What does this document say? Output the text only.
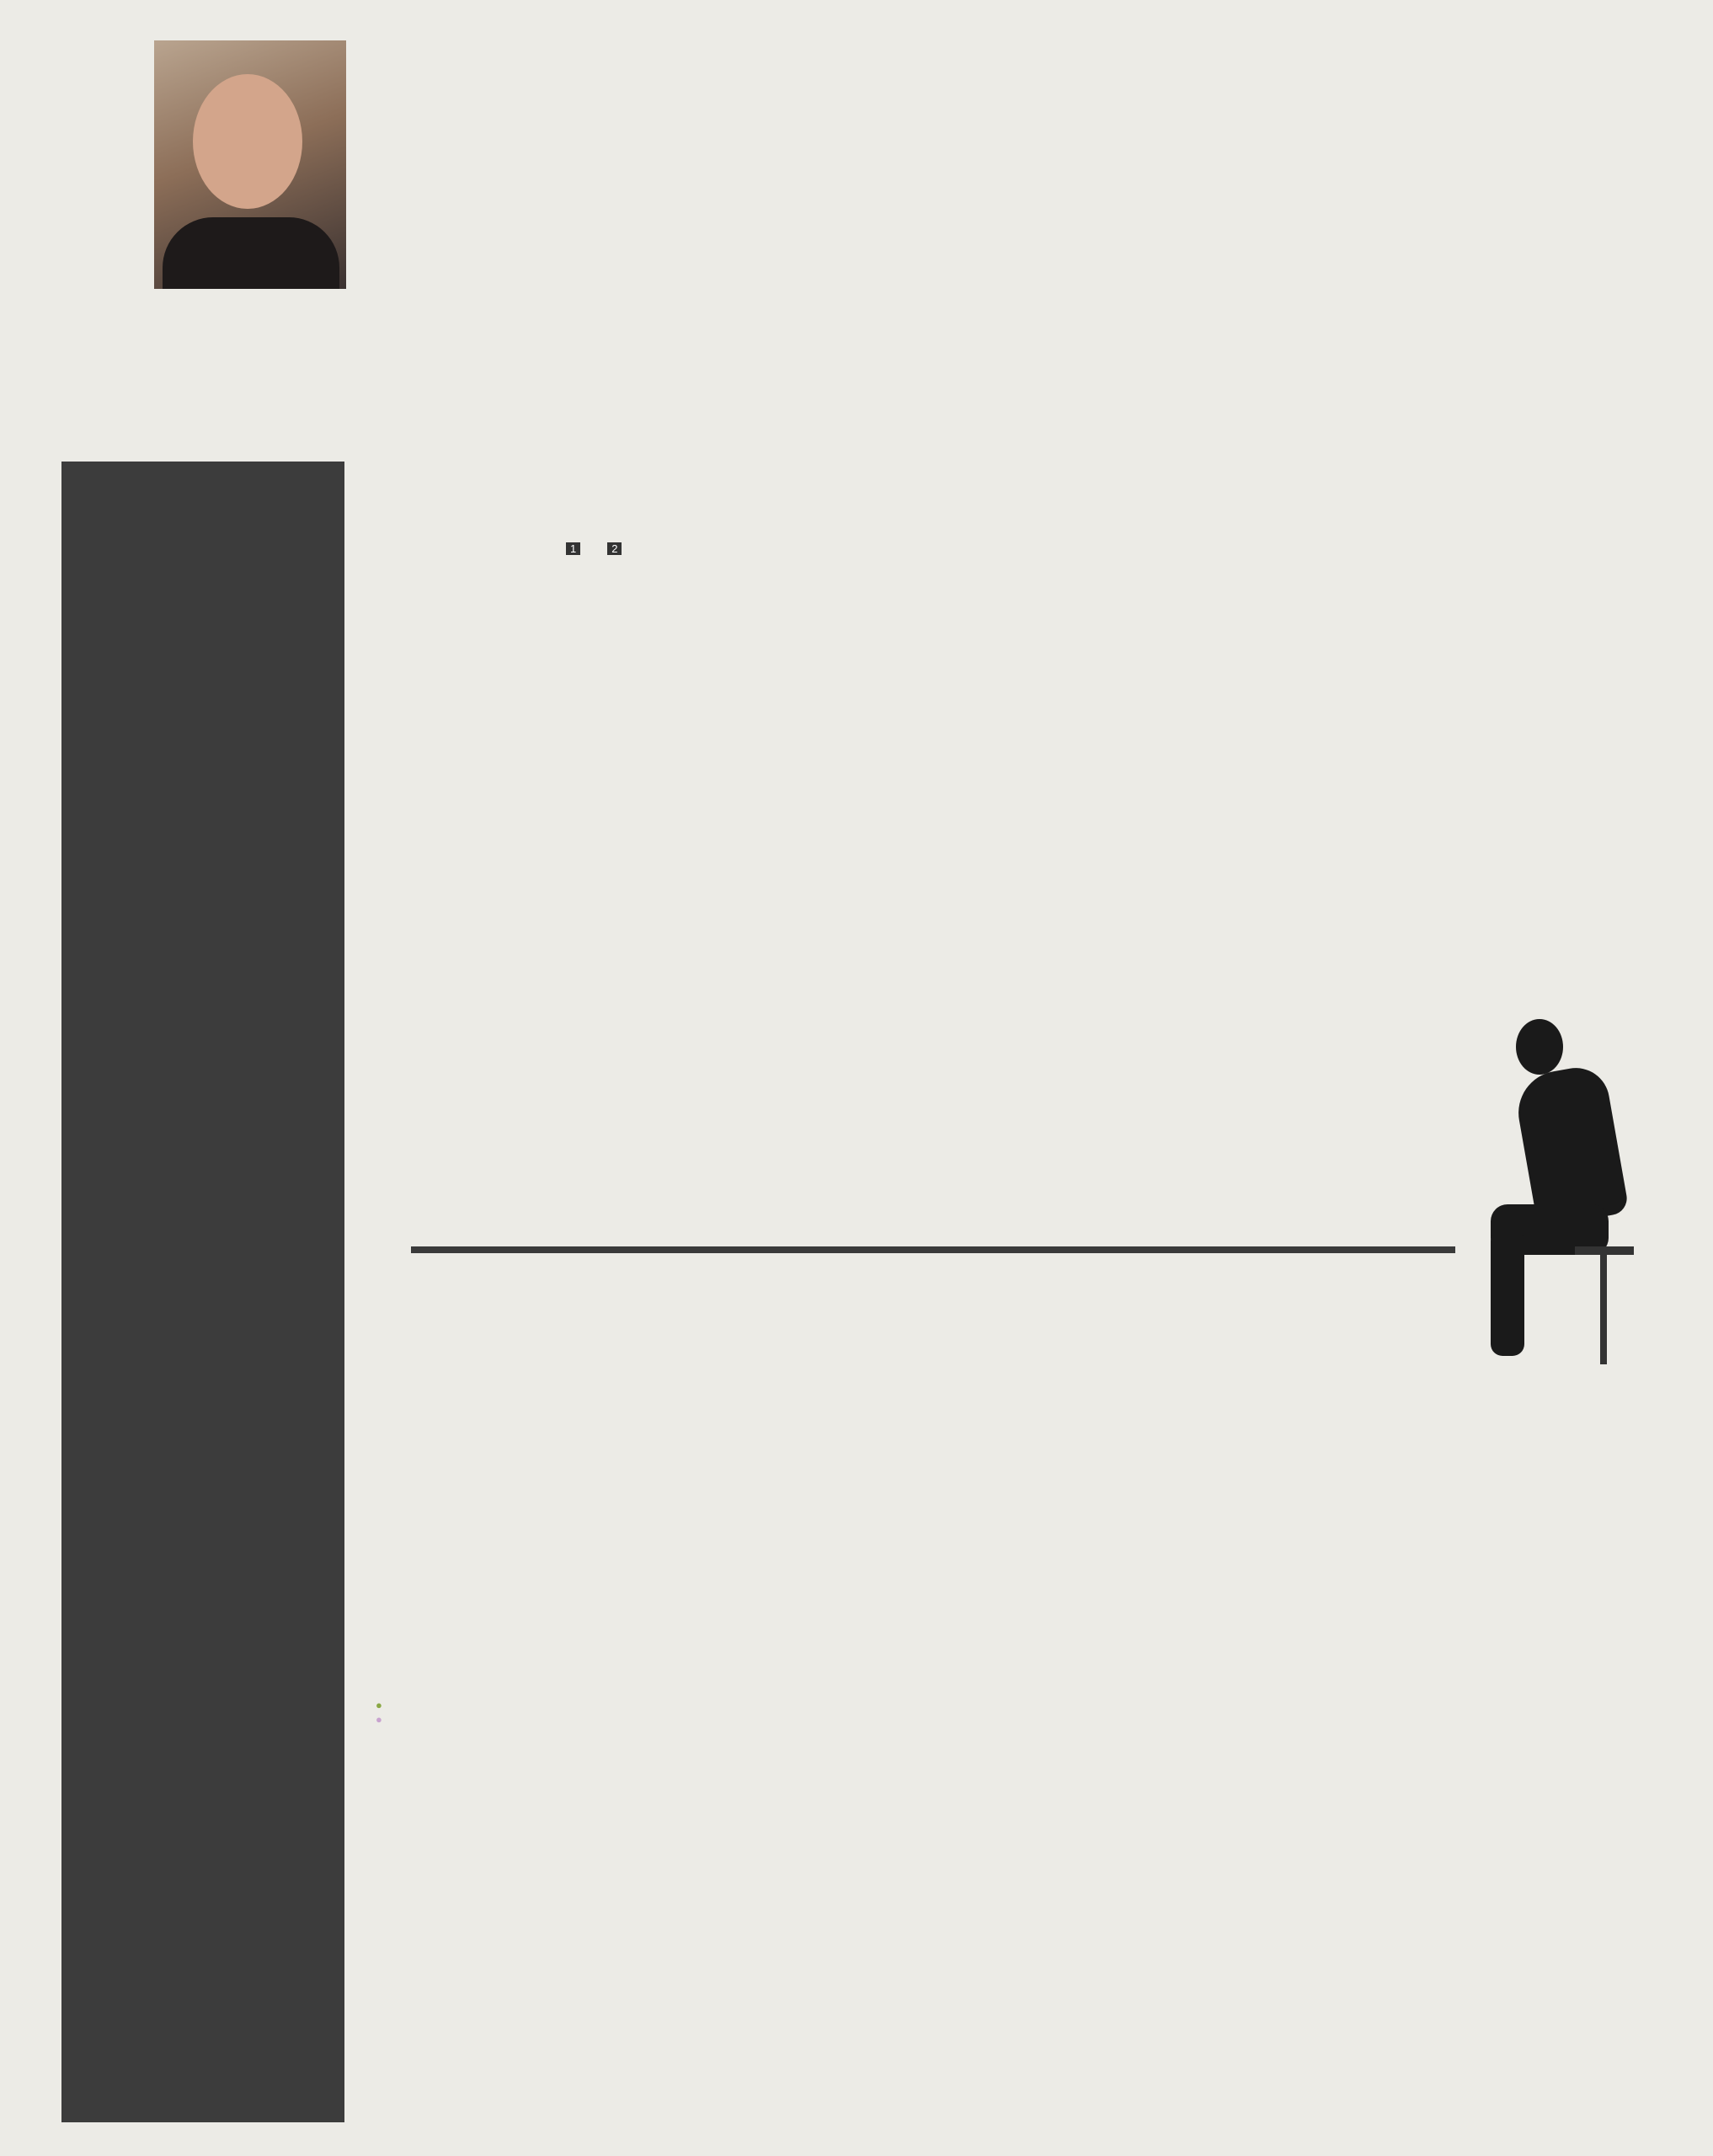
1	2
●
●
